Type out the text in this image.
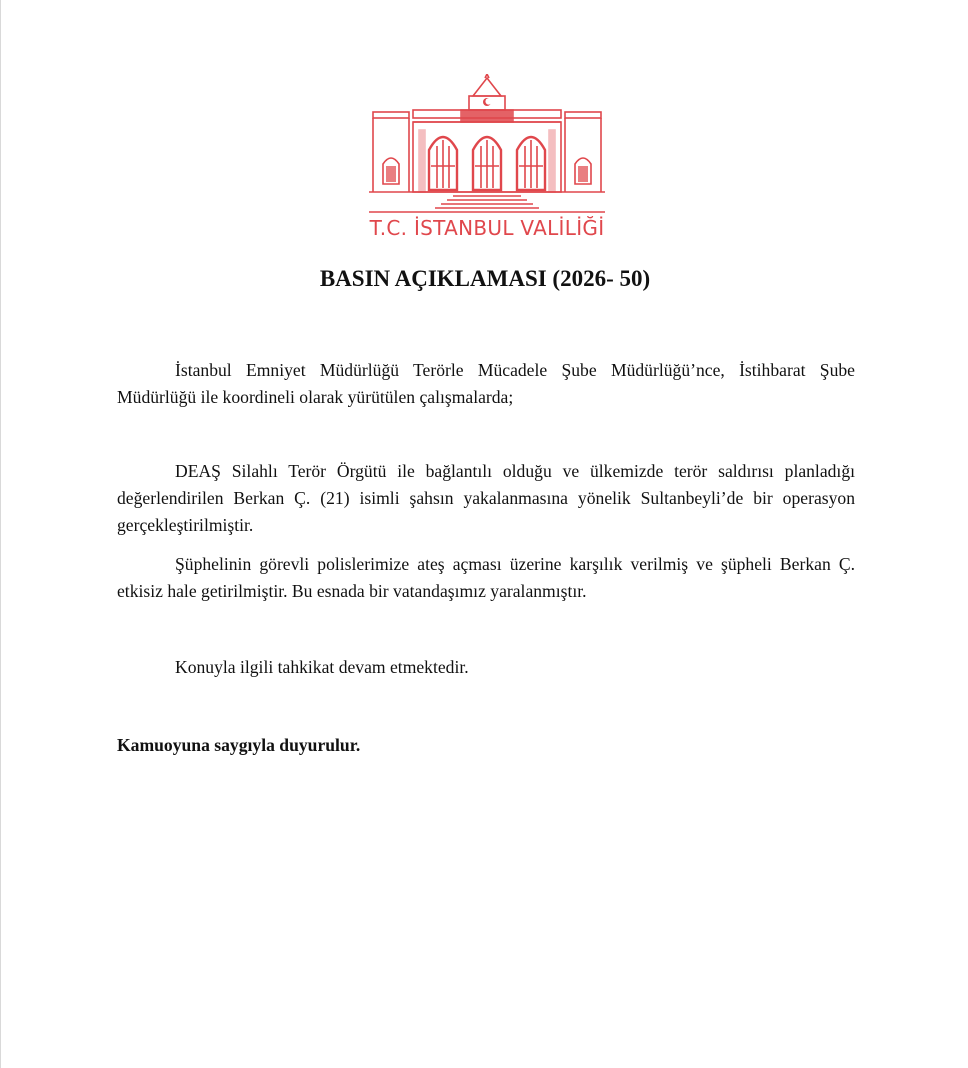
T.C. İSTANBUL VALİLİĞİ
BASIN AÇIKLAMASI (2026- 50)

İstanbul Emniyet Müdürlüğü Terörle Mücadele Şube Müdürlüğü’nce, İstihbarat Şube Müdürlüğü ile koordineli olarak yürütülen çalışmalarda;

DEAŞ Silahlı Terör Örgütü ile bağlantılı olduğu ve ülkemizde terör saldırısı planladığı değerlendirilen Berkan Ç. (21) isimli şahsın yakalanmasına yönelik Sultanbeyli’de bir operasyon gerçekleştirilmiştir.

Şüphelinin görevli polislerimize ateş açması üzerine karşılık verilmiş ve şüpheli Berkan Ç. etkisiz hale getirilmiştir. Bu esnada bir vatandaşımız yaralanmıştır.

Konuyla ilgili tahkikat devam etmektedir.

Kamuoyuna saygıyla duyurulur.
